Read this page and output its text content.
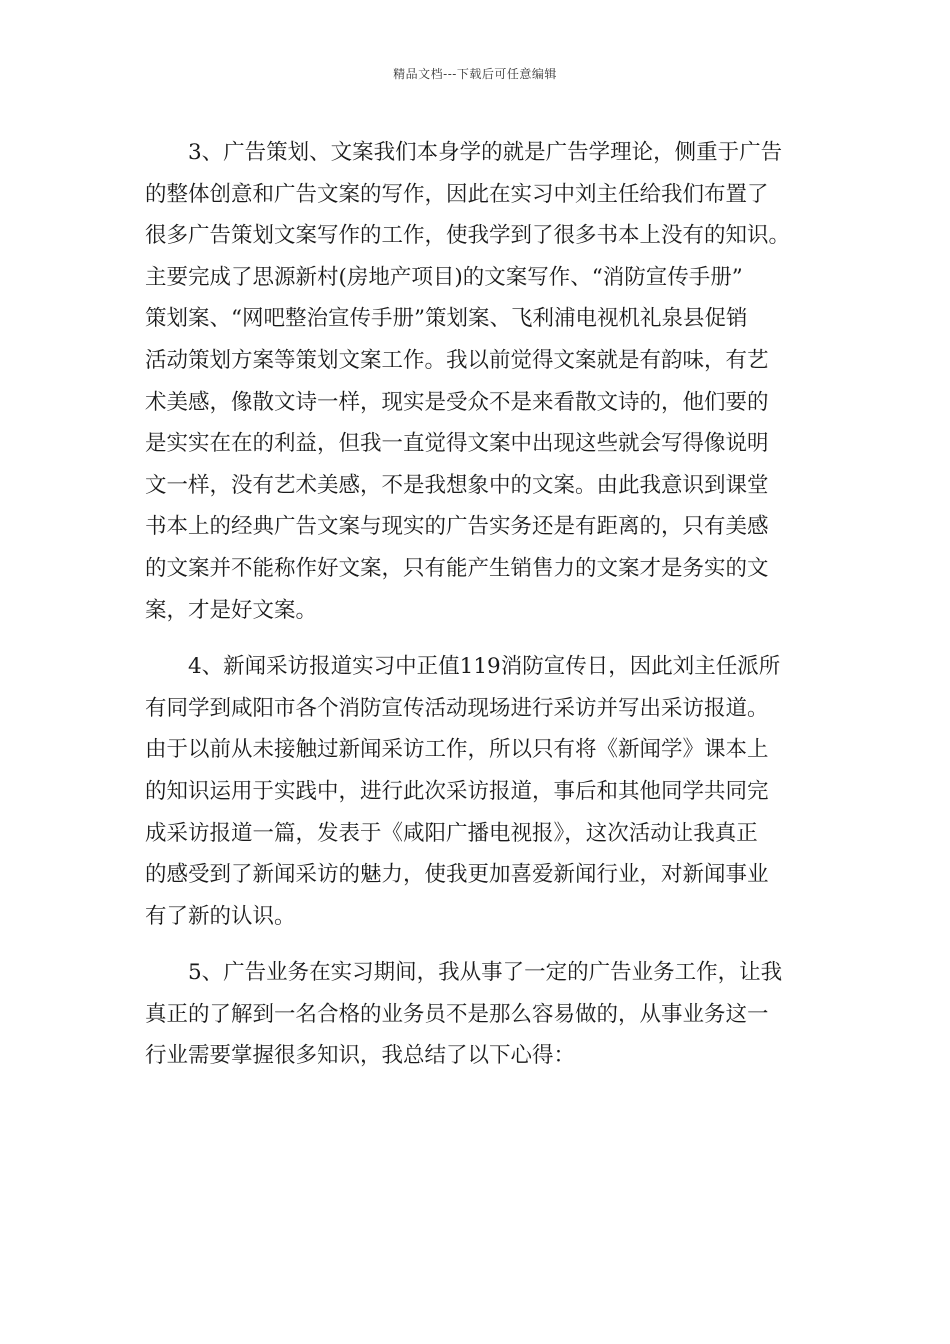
精品文档---下载后可任意编辑
　　3、广告策划、文案我们本身学的就是广告学理论，侧重于广告
的整体创意和广告文案的写作，因此在实习中刘主任给我们布置了
很多广告策划文案写作的工作，使我学到了很多书本上没有的知识。
主要完成了思源新村(房地产项目)的文案写作、“消防宣传手册”
策划案、“网吧整治宣传手册”策划案、飞利浦电视机礼泉县促销
活动策划方案等策划文案工作。我以前觉得文案就是有韵味，有艺
术美感，像散文诗一样，现实是受众不是来看散文诗的，他们要的
是实实在在的利益，但我一直觉得文案中出现这些就会写得像说明
文一样，没有艺术美感，不是我想象中的文案。由此我意识到课堂
书本上的经典广告文案与现实的广告实务还是有距离的，只有美感
的文案并不能称作好文案，只有能产生销售力的文案才是务实的文
案，才是好文案。
　　4、新闻采访报道实习中正值119消防宣传日，因此刘主任派所
有同学到咸阳市各个消防宣传活动现场进行采访并写出采访报道。
由于以前从未接触过新闻采访工作，所以只有将《新闻学》课本上
的知识运用于实践中，进行此次采访报道，事后和其他同学共同完
成采访报道一篇，发表于《咸阳广播电视报》，这次活动让我真正
的感受到了新闻采访的魅力，使我更加喜爱新闻行业，对新闻事业
有了新的认识。
　　5、广告业务在实习期间，我从事了一定的广告业务工作，让我
真正的了解到一名合格的业务员不是那么容易做的，从事业务这一
行业需要掌握很多知识，我总结了以下心得：
